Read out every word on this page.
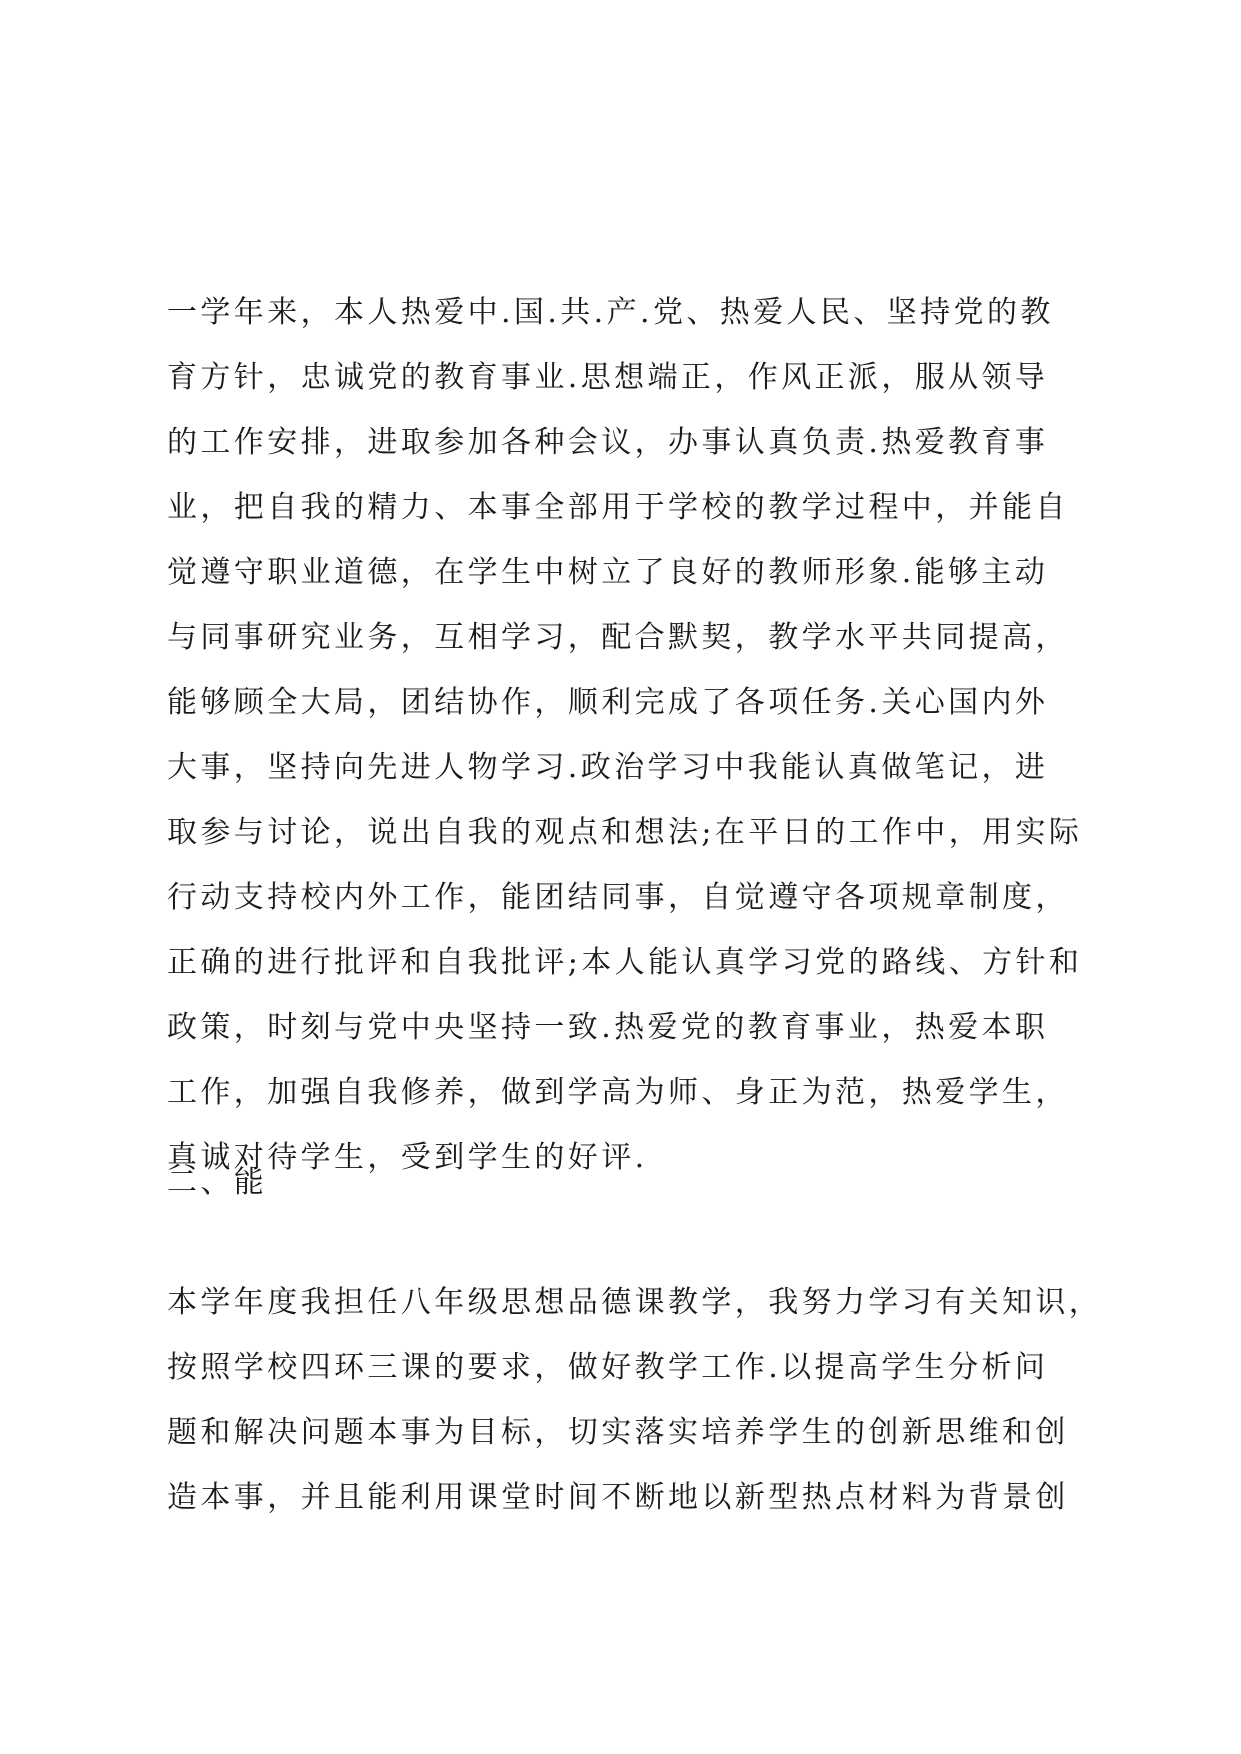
一学年来，本人热爱中.国.共.产.党、热爱人民、坚持党的教
育方针，忠诚党的教育事业.思想端正，作风正派，服从领导
的工作安排，进取参加各种会议，办事认真负责.热爱教育事
业，把自我的精力、本事全部用于学校的教学过程中，并能自
觉遵守职业道德，在学生中树立了良好的教师形象.能够主动
与同事研究业务，互相学习，配合默契，教学水平共同提高，
能够顾全大局，团结协作，顺利完成了各项任务.关心国内外
大事，坚持向先进人物学习.政治学习中我能认真做笔记，进
取参与讨论，说出自我的观点和想法;在平日的工作中，用实际
行动支持校内外工作，能团结同事，自觉遵守各项规章制度，
正确的进行批评和自我批评;本人能认真学习党的路线、方针和
政策，时刻与党中央坚持一致.热爱党的教育事业，热爱本职
工作，加强自我修养，做到学高为师、身正为范，热爱学生，
真诚对待学生，受到学生的好评.
二、能
本学年度我担任八年级思想品德课教学，我努力学习有关知识，
按照学校四环三课的要求，做好教学工作.以提高学生分析问
题和解决问题本事为目标，切实落实培养学生的创新思维和创
造本事，并且能利用课堂时间不断地以新型热点材料为背景创
